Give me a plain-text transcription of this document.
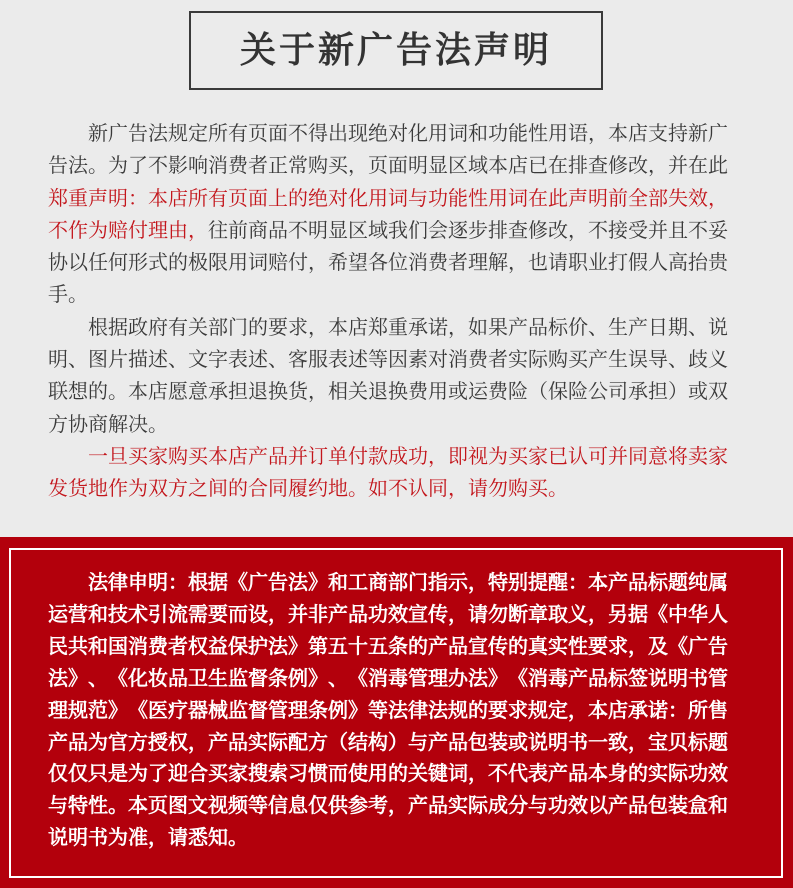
关于新广告法声明

新广告法规定所有页面不得出现绝对化用词和功能性用语，本店支持新广告法。为了不影响消费者正常购买，页面明显区域本店已在排查修改，并在此郑重声明：本店所有页面上的绝对化用词与功能性用词在此声明前全部失效，不作为赔付理由，往前商品不明显区域我们会逐步排查修改，不接受并且不妥协以任何形式的极限用词赔付，希望各位消费者理解，也请职业打假人高抬贵手。

根据政府有关部门的要求，本店郑重承诺，如果产品标价、生产日期、说明、图片描述、文字表述、客服表述等因素对消费者实际购买产生误导、歧义联想的。本店愿意承担退换货，相关退换费用或运费险（保险公司承担）或双方协商解决。

一旦买家购买本店产品并订单付款成功，即视为买家已认可并同意将卖家发货地作为双方之间的合同履约地。如不认同，请勿购买。

法律申明：根据《广告法》和工商部门指示，特别提醒：本产品标题纯属运营和技术引流需要而设，并非产品功效宣传，请勿断章取义，另据《中华人民共和国消费者权益保护法》第五十五条的产品宣传的真实性要求，及《广告法》、《化妆品卫生监督条例》、《消毒管理办法》《消毒产品标签说明书管理规范》《医疗器械监督管理条例》等法律法规的要求规定，本店承诺：所售产品为官方授权，产品实际配方（结构）与产品包装或说明书一致，宝贝标题仅仅只是为了迎合买家搜索习惯而使用的关键词，不代表产品本身的实际功效与特性。本页图文视频等信息仅供参考，产品实际成分与功效以产品包装盒和说明书为准，请悉知。
